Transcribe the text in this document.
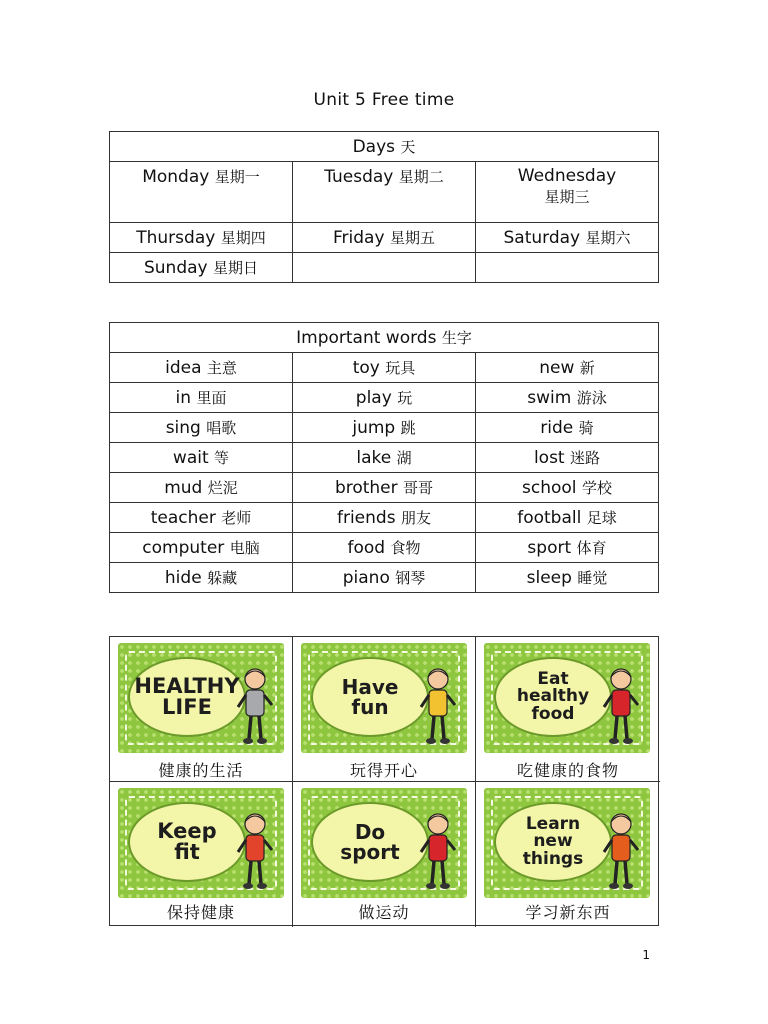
Unit 5 Free time
Days 天		
Monday 星期一	Tuesday 星期二	Wednesday
星期三
Thursday 星期四	Friday 星期五	Saturday 星期六
Sunday 星期日		
Important words 生字		
idea 主意	toy 玩具	new 新
in 里面	play 玩	swim 游泳
sing 唱歌	jump 跳	ride 骑
wait 等	lake 湖	lost 迷路
mud 烂泥	brother 哥哥	school 学校
teacher 老师	friends 朋友	football 足球
computer 电脑	food 食物	sport 体育
hide 躲藏	piano 钢琴	sleep 睡觉
HEALTHY
LIFE
健康的生活
Have
fun
玩得开心
Eat
healthy
food
吃健康的食物
Keep
fit
保持健康
Do
sport
做运动
Learn
new
things
学习新东西
1
